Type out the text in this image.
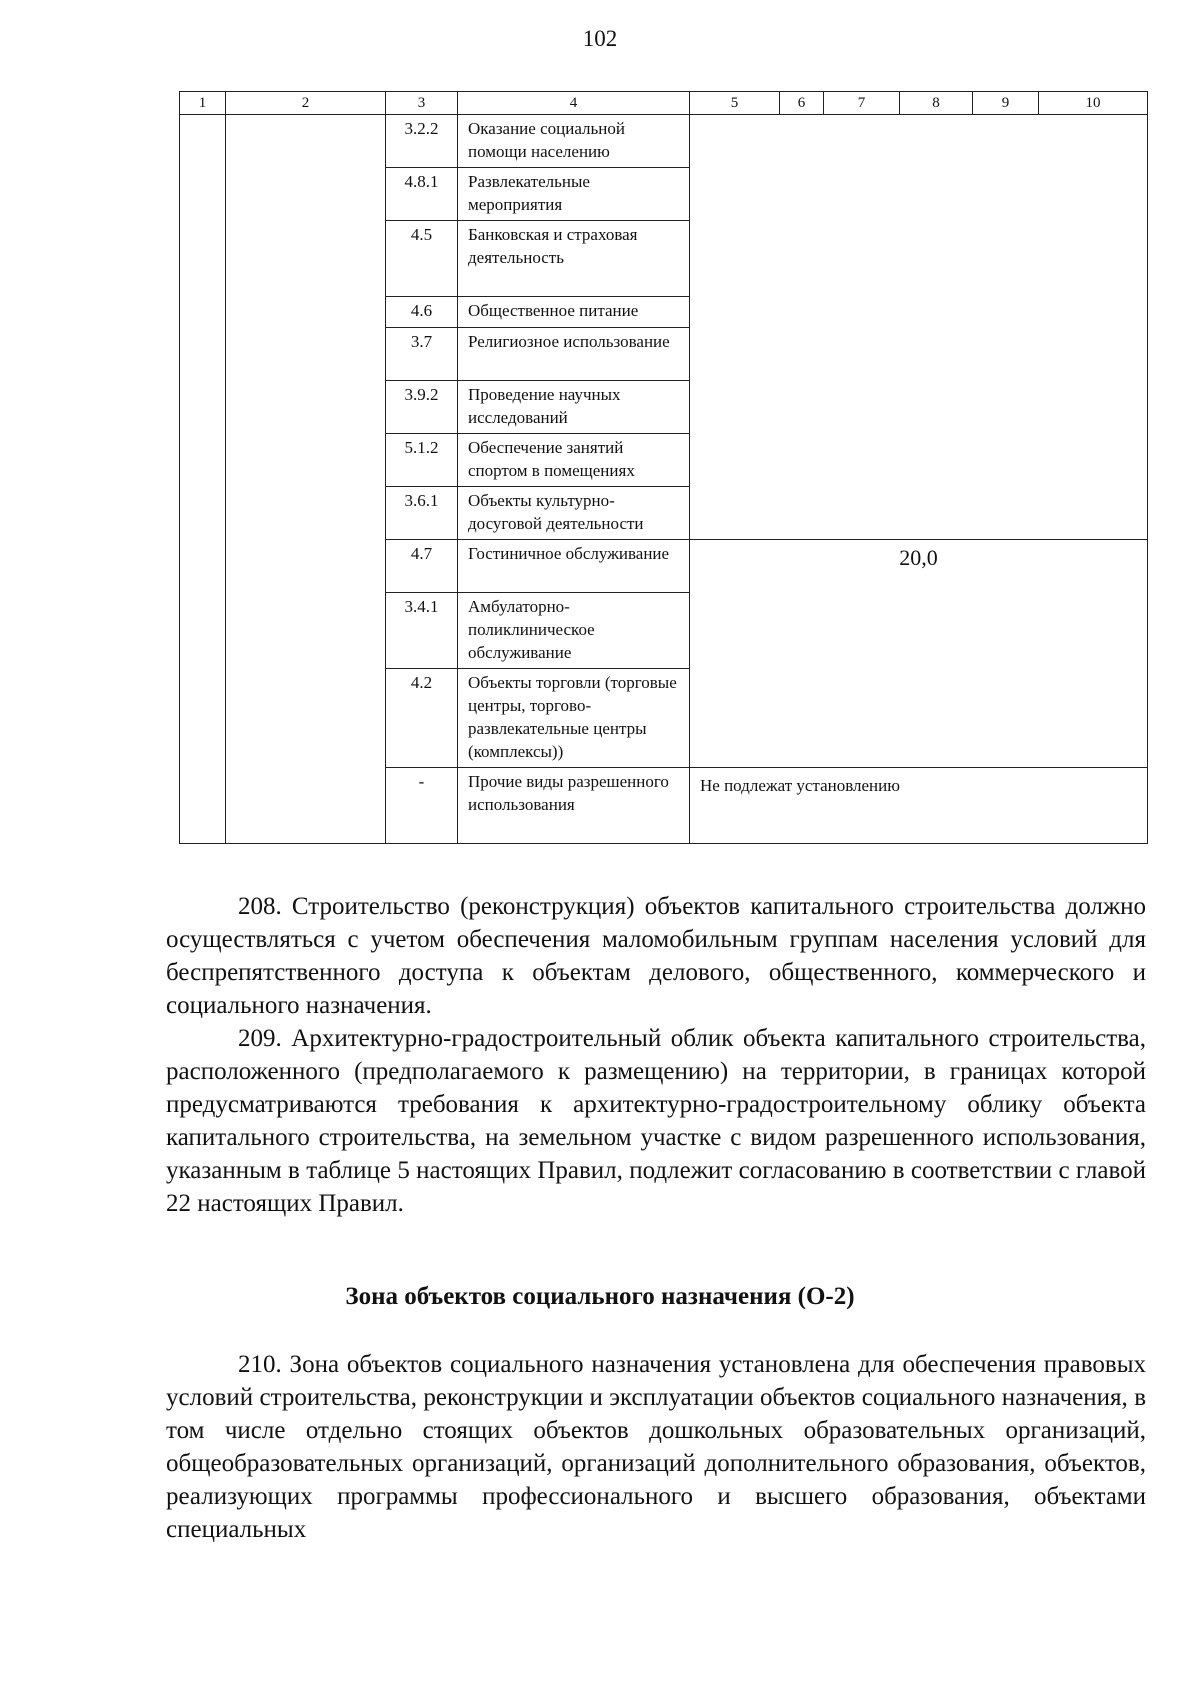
102
1	2	3	4	5	6	7	8	9	10
		3.2.2	Оказание социальной помощи населению						
		4.8.1	Развлекательные мероприятия						
		4.5	Банковская и страховая деятельность						
		4.6	Общественное питание						
		3.7	Религиозное использование						
		3.9.2	Проведение научных исследований						
		5.1.2	Обеспечение занятий спортом в помещениях						
		3.6.1	Объекты культурно-досуговой деятельности						
		4.7	Гостиничное обслуживание	20,0					
		3.4.1	Амбулаторно-поликлиническое обслуживание						
		4.2	Объекты торговли (торговые центры, торгово-развлекательные центры (комплексы))						
		-	Прочие виды разрешенного использования	Не подлежат установлению					

208. Строительство (реконструкция) объектов капитального строительства должно осуществляться с учетом обеспечения маломобильным группам населения условий для беспрепятственного доступа к объектам делового, общественного, коммерческого и социального назначения.

209. Архитектурно-градостроительный облик объекта капитального строительства, расположенного (предполагаемого к размещению) на территории, в границах которой предусматриваются требования к архитектурно-градостроительному облику объекта капитального строительства, на земельном участке с видом разрешенного использования, указанным в таблице 5 настоящих Правил, подлежит согласованию в соответствии с главой 22 настоящих Правил.

Зона объектов социального назначения (О-2)

210. Зона объектов социального назначения установлена для обеспечения правовых условий строительства, реконструкции и эксплуатации объектов социального назначения, в том числе отдельно стоящих объектов дошкольных образовательных организаций, общеобразовательных организаций, организаций дополнительного образования, объектов, реализующих программы профессионального и высшего образования, объектами специальных
